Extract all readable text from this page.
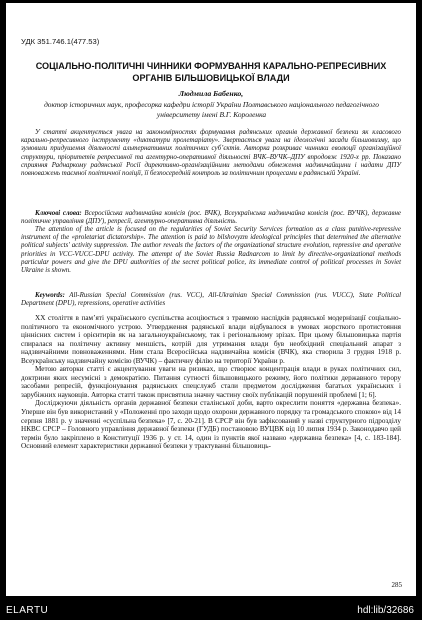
УДК 351.746.1(477.53)
СОЦІАЛЬНО-ПОЛІТИЧНІ ЧИННИКИ ФОРМУВАННЯ КАРАЛЬНО-РЕПРЕСИВНИХ ОРГАНІВ БІЛЬШОВИЦЬКОЇ ВЛАДИ
Людмила Бабенко,
доктор історичних наук, професорка кафедри історії України Полтавського національного педагогічного університету імені В.Г. Короленка

У статті акцентується увага на закономірностях формування радянських органів державної безпеки як класового карально-репресивного інструменту «диктатури пролетаріату». Звертається увага на ідеологічні засади більшовизму, що зумовили придушення діяльності альтернативних політичних суб’єктів. Авторка розкриває чинники еволюції організаційної структури, пріоритетів репресивної та агентурно-оперативної діяльності ВЧК–ВУЧК–ДПУ впродовж 1920-х рр. Показано сприяння Раднаркому радянської Росії директивно-організаційними методами обмеження надзвичайщини і надати ДПУ повноважень таємної політичної поліції, її безпосередній контроль за політичним процесами в радянській Україні.

Ключові слова: Всеросійська надзвичайна комісія (рос. ВЧК), Всеукраїнська надзвичайна комісія (рос. ВУЧК), державне політичне управління (ДПУ), репресії, агентурно-оперативна діяльність.

The attention of the article is focused on the regularities of Soviet Security Services formation as a class punitive-repressive instrument of the «proletariat dictatorship». The attention is paid to bilshovyzm ideological principles that determined the alternative political subjects' activity suppression. The author reveals the factors of the organizational structure evolution, repressive and operative priorities in VCC-VUCC-DPU activity. The attempt of the Soviet Russia Radnarcom to limit by directive-organizational methods particular powers and give the DPU authorities of the secret political police, its immediate control of political processes in Soviet Ukraine is shown.

Keywords: All-Russian Special Commission (rus. VCC), All-Ukrainian Special Commission (rus. VUCC), State Political Department (DPU), repressions, operative activities

XX століття в пам’яті українського суспільства асоціюється з травмою наслідків радянської модернізації соціально-політичного та економічного устрою. Утвердження радянської влади відбувалося в умовах жорсткого протистояння ціннісних систем і орієнтирів як на загальноукраїнському, так і регіональному зрізах. При цьому більшовицька партія спиралася на політичну активну меншість, котрій для утримання влади був необхідний спеціальний апарат з надзвичайними повноваженнями. Ним стала Всеросійська надзвичайна комісія (ВЧК), яка створила 3 грудня 1918 р. Всеукраїнську надзвичайну комісію (ВУЧК) – фактичну філію на території України р.

Метою авторки статті є акцентування уваги на ризиках, що створює концентрація влади в руках політичних сил, доктрини яких несумісні з демократією. Питання сутності більшовицького режиму, його політики державного терору засобами репресій, функціонування радянських спецслужб стали предметом дослідження багатьох українських і зарубіжних науковців. Авторка статті також присвятила значну частину своїх публікацій порушеній проблемі [1; 6].

Досліджуючи діяльність органів державної безпеки сталінської доби, варто окреслити поняття «державна безпека». Уперше він був використаний у «Положенні про заходи щодо охорони державного порядку та громадського спокою» від 14 серпня 1881 р. у значенні «суспільна безпека» [7, с. 20-21]. В СРСР він був зафіксований у назві структурного підрозділу НКВС СРСР – Головного управління державної безпеки (ГУДБ) постановою ВУЦВК від 10 липня 1934 р. Законодавчо цей термін було закріплено в Конституції 1936 р. у ст. 14, один із пунктів якої названо «державна безпека» [4, с. 183-184]. Основний елемент характеристики державної безпеки у трактуванні більшовиць-

285
ELARTU	hdl:lib/32686
